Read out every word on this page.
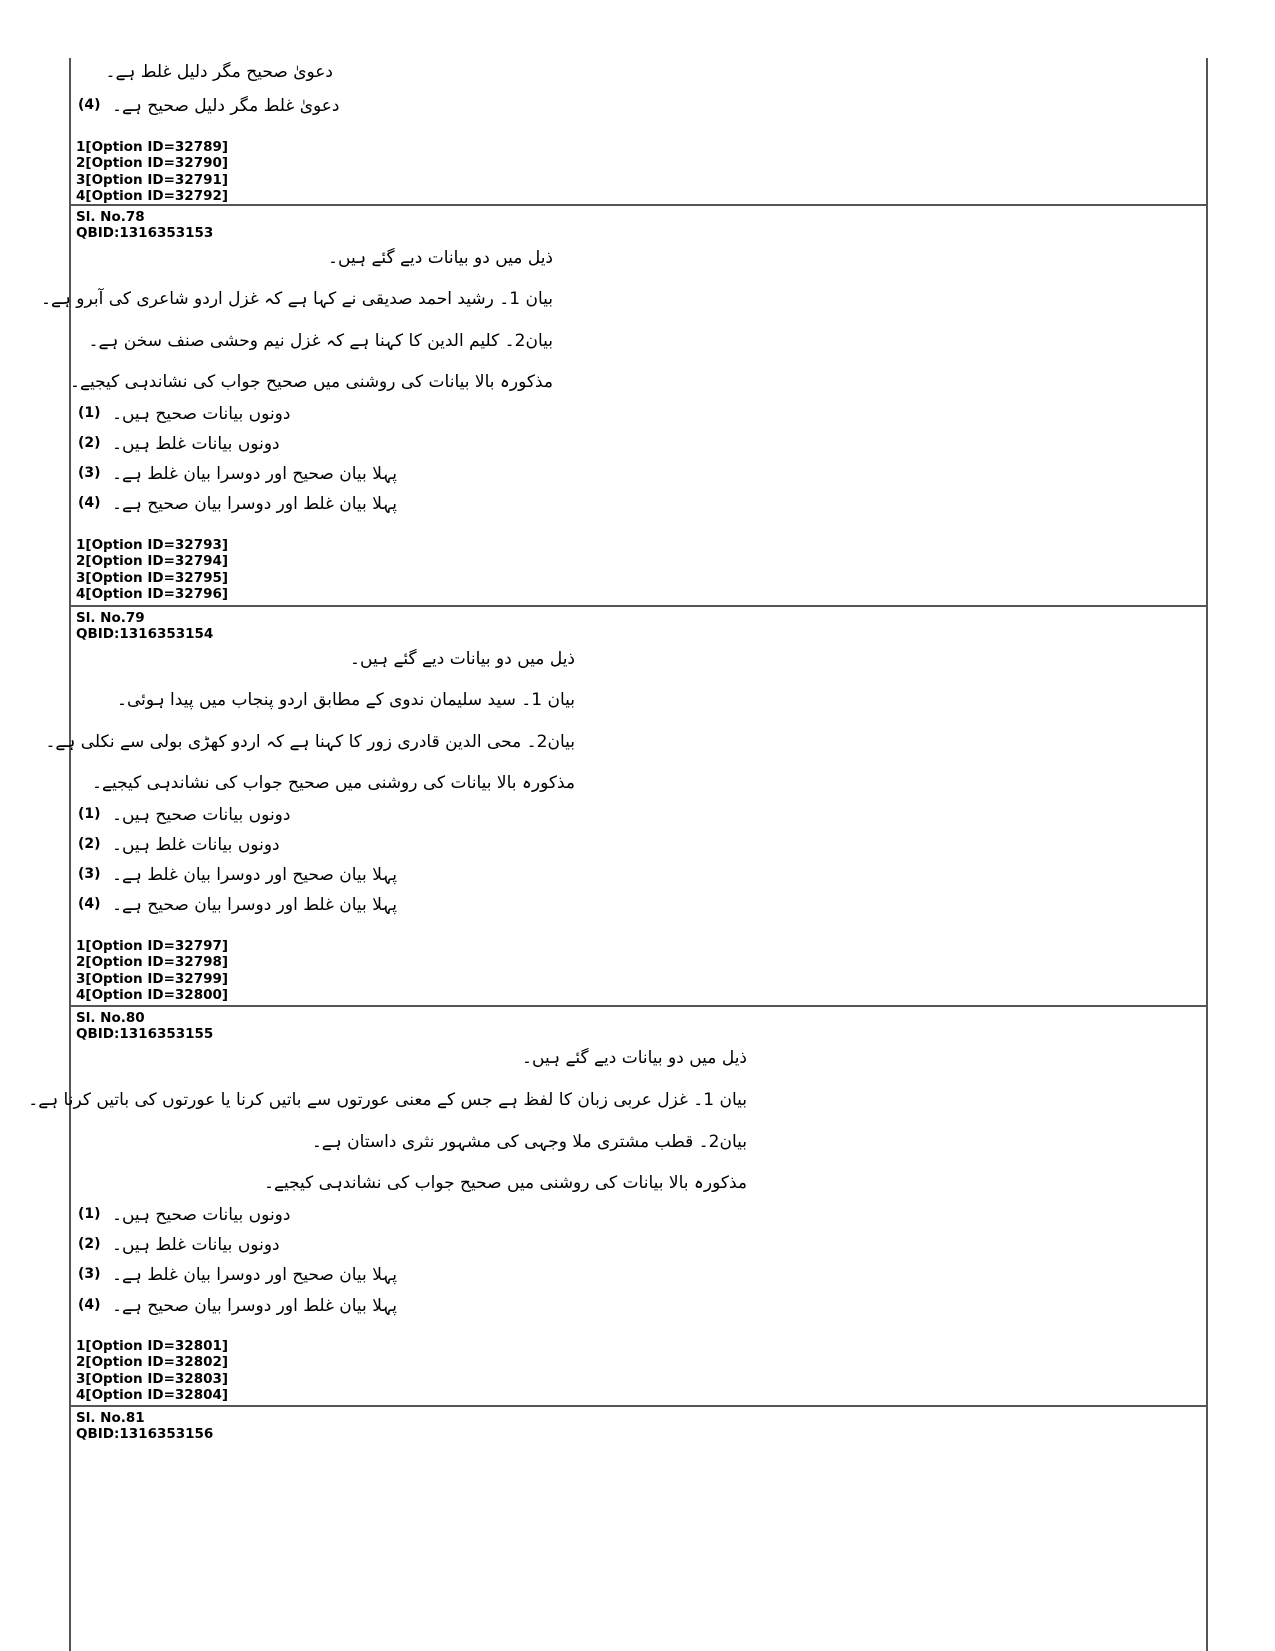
دعویٰ صحیح مگر دلیل غلط ہے۔
(4) دعویٰ غلط مگر دلیل صحیح ہے۔
1[Option ID=32789]
2[Option ID=32790]
3[Option ID=32791]
4[Option ID=32792]
Sl. No.78
QBID:1316353153
ذیل میں دو بیانات دیے گئے ہیں۔
بیان 1۔ رشید احمد صدیقی نے کہا ہے کہ غزل اردو شاعری کی آبرو ہے۔
بیان2۔ کلیم الدین کا کہنا ہے کہ غزل نیم وحشی صنف سخن ہے۔
مذکورہ بالا بیانات کی روشنی میں صحیح جواب کی نشاندہی کیجیے۔
(1) دونوں بیانات صحیح ہیں۔
(2) دونوں بیانات غلط ہیں۔
(3) پہلا بیان صحیح اور دوسرا بیان غلط ہے۔
(4) پہلا بیان غلط اور دوسرا بیان صحیح ہے۔
1[Option ID=32793]
2[Option ID=32794]
3[Option ID=32795]
4[Option ID=32796]
Sl. No.79
QBID:1316353154
ذیل میں دو بیانات دیے گئے ہیں۔
بیان 1۔ سید سلیمان ندوی کے مطابق اردو پنجاب میں پیدا ہوئی۔
بیان2۔ محی الدین قادری زور کا کہنا ہے کہ اردو کھڑی بولی سے نکلی ہے۔
مذکورہ بالا بیانات کی روشنی میں صحیح جواب کی نشاندہی کیجیے۔
(1) دونوں بیانات صحیح ہیں۔
(2) دونوں بیانات غلط ہیں۔
(3) پہلا بیان صحیح اور دوسرا بیان غلط ہے۔
(4) پہلا بیان غلط اور دوسرا بیان صحیح ہے۔
1[Option ID=32797]
2[Option ID=32798]
3[Option ID=32799]
4[Option ID=32800]
Sl. No.80
QBID:1316353155
ذیل میں دو بیانات دیے گئے ہیں۔
بیان 1۔ غزل عربی زبان کا لفظ ہے جس کے معنی عورتوں سے باتیں کرنا یا عورتوں کی باتیں کرنا ہے۔
بیان2۔ قطب مشتری ملا وجہی کی مشہور نثری داستان ہے۔
مذکورہ بالا بیانات کی روشنی میں صحیح جواب کی نشاندہی کیجیے۔
(1) دونوں بیانات صحیح ہیں۔
(2) دونوں بیانات غلط ہیں۔
(3) پہلا بیان صحیح اور دوسرا بیان غلط ہے۔
(4) پہلا بیان غلط اور دوسرا بیان صحیح ہے۔
1[Option ID=32801]
2[Option ID=32802]
3[Option ID=32803]
4[Option ID=32804]
Sl. No.81
QBID:1316353156
